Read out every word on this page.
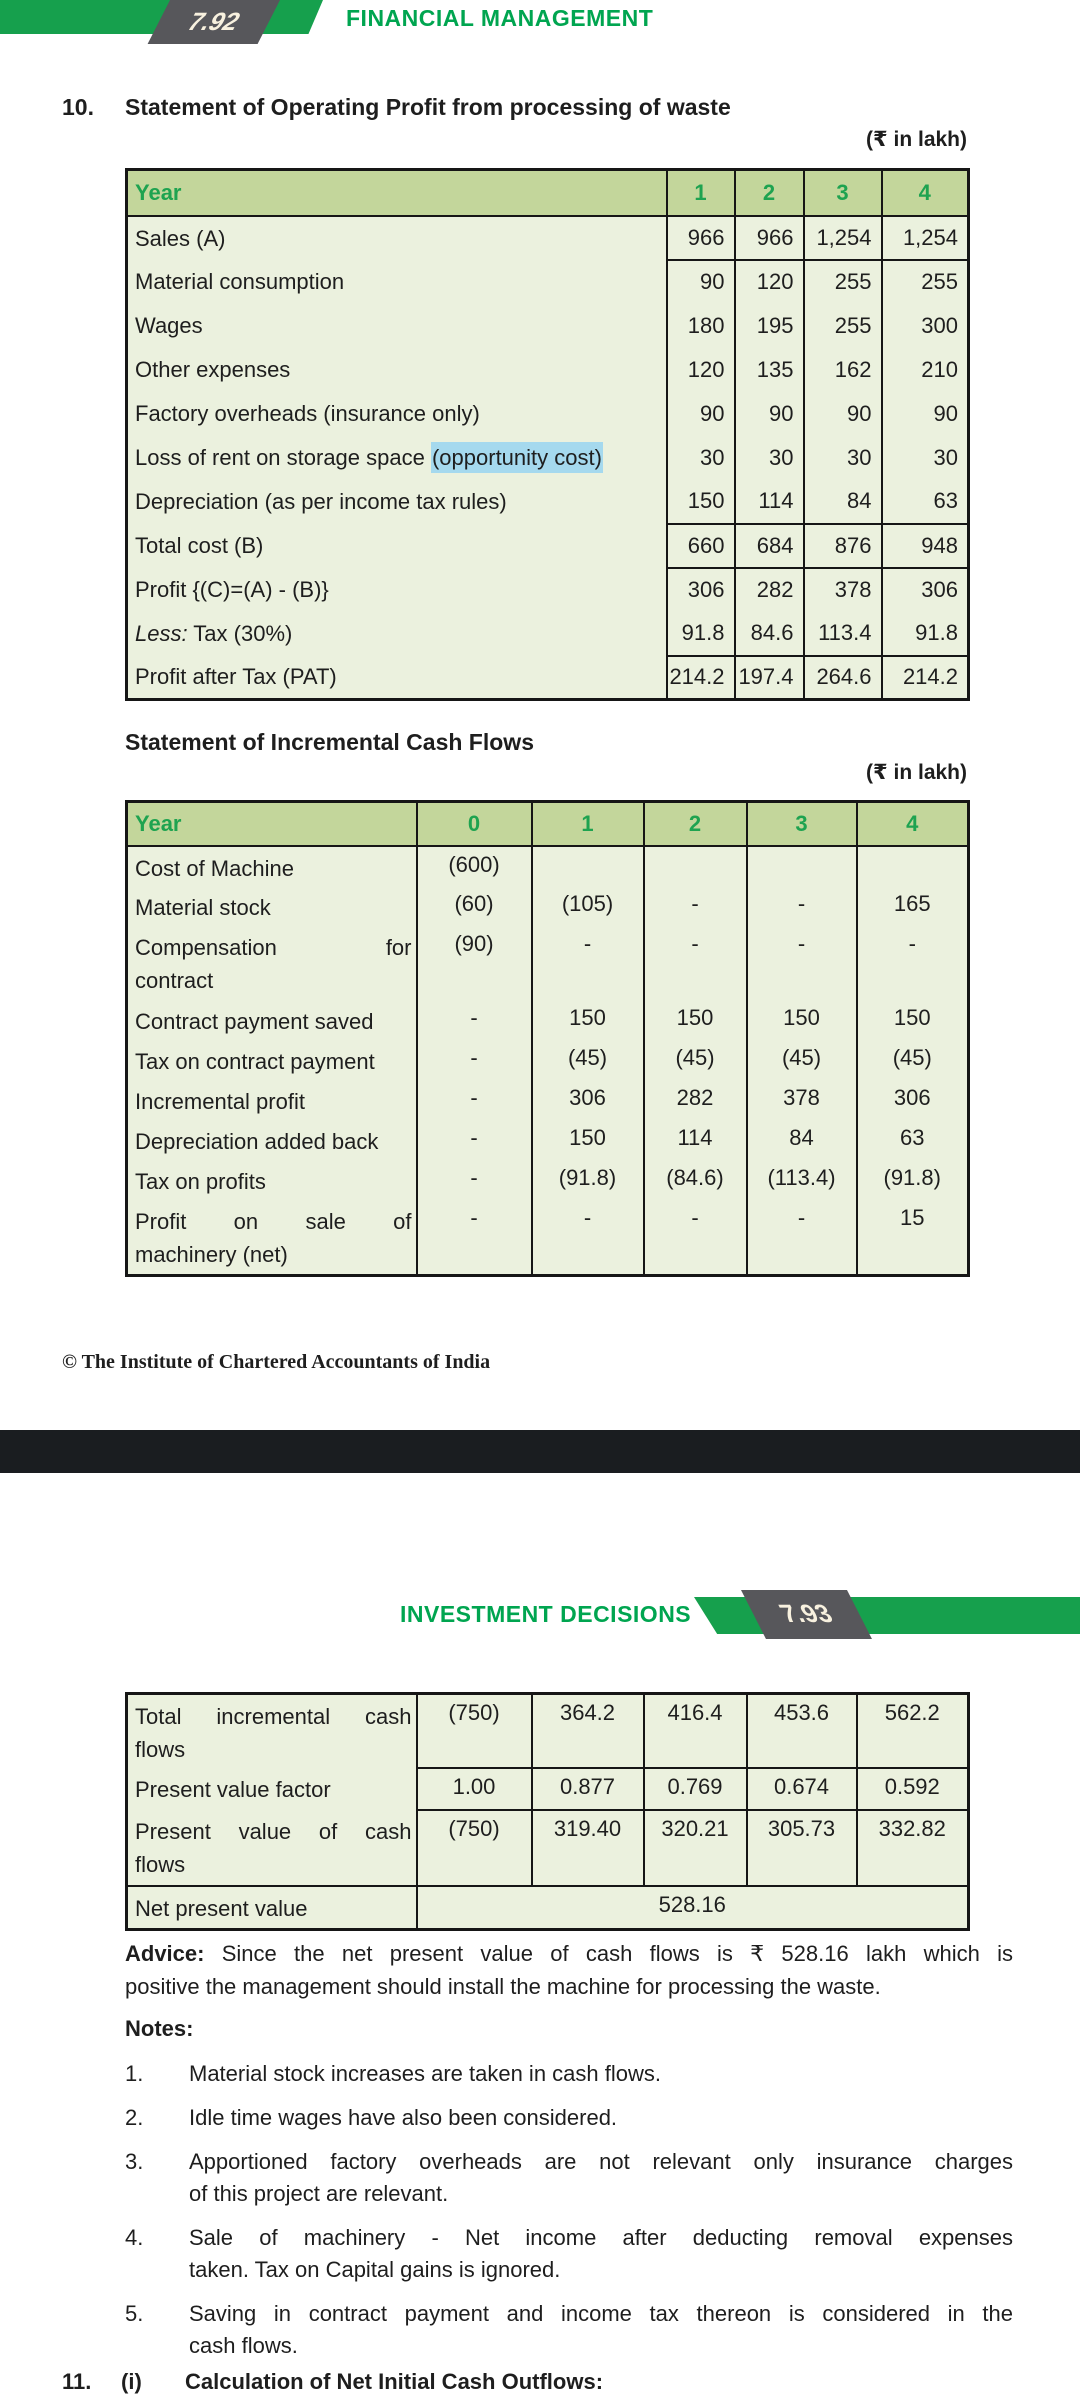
7.92	FINANCIAL MANAGEMENT
10. Statement of Operating Profit from processing of waste
(₹ in lakh)
Year	1	2	3	4
Sales (A)	966	966	1,254	1,254
Material consumption	90	120	255	255
Wages	180	195	255	300
Other expenses	120	135	162	210
Factory overheads (insurance only)	90	90	90	90
Loss of rent on storage space (opportunity cost)	30	30	30	30
Depreciation (as per income tax rules)	150	114	84	63
Total cost (B)	660	684	876	948
Profit {(C)=(A) - (B)}	306	282	378	306
Less: Tax (30%)	91.8	84.6	113.4	91.8
Profit after Tax (PAT)	214.2	197.4	264.6	214.2
Statement of Incremental Cash Flows
(₹ in lakh)
Year	0	1	2	3	4
Cost of Machine	(600)				
Material stock	(60)	(105)	-	-	165

Compensation for
contract	(90)	-	-	-	-
Contract payment saved	-	150	150	150	150
Tax on contract payment	-	(45)	(45)	(45)	(45)
Incremental profit	-	306	282	378	306
Depreciation added back	-	150	114	84	63
Tax on profits	-	(91.8)	(84.6)	(113.4)	(91.8)

Profit on sale of
machinery (net)	-	-	-	-	15
© The Institute of Chartered Accountants of India
INVESTMENT DECISIONS	7.93
Total incremental cash
flows	(750)	364.2	416.4	453.6	562.2
Present value factor	1.00	0.877	0.769	0.674	0.592

Present value of cash
flows	(750)	319.40	320.21	305.73	332.82
Net present value	528.16				
Advice: Since the net present value of cash flows is ₹ 528.16 lakh which is
positive the management should install the machine for processing the waste.
Notes:
1.	Material stock increases are taken in cash flows.
2.	Idle time wages have also been considered.
3.	Apportioned factory overheads are not relevant only insurance charges
of this project are relevant.
4.	Sale of machinery - Net income after deducting removal expenses
taken. Tax on Capital gains is ignored.
5.	Saving in contract payment and income tax thereon is considered in the
cash flows.
11.	(i)	Calculation of Net Initial Cash Outflows:
